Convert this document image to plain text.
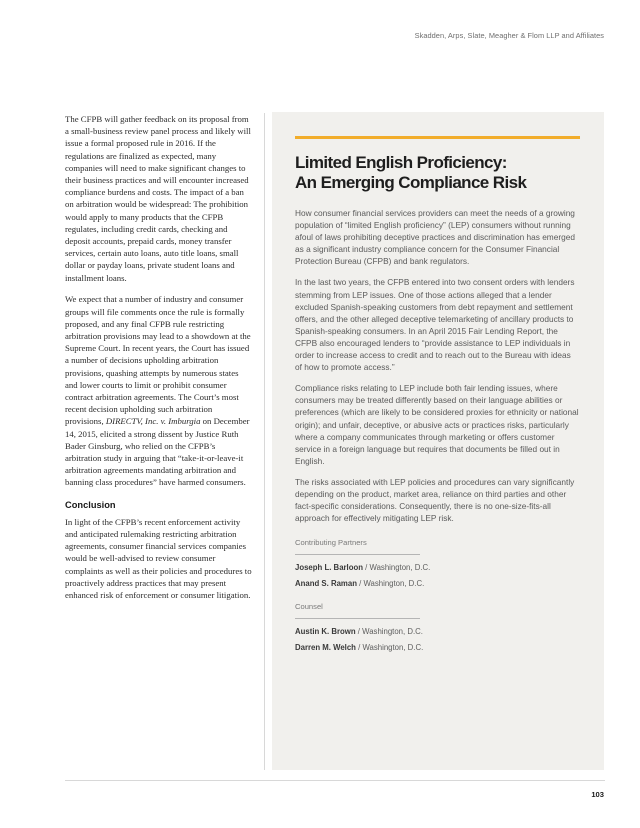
Skadden, Arps, Slate, Meagher & Flom LLP and Affiliates

The CFPB will gather feedback on its proposal from a small-business review panel process and likely will issue a formal proposed rule in 2016. If the regulations are finalized as expected, many companies will need to make significant changes to their business practices and will encounter increased compliance burdens and costs. The impact of a ban on arbitration would be widespread: The prohibition would apply to many products that the CFPB regulates, including credit cards, checking and deposit accounts, prepaid cards, money transfer services, certain auto loans, auto title loans, small dollar or payday loans, private student loans and installment loans.

We expect that a number of industry and consumer groups will file comments once the rule is formally proposed, and any final CFPB rule restricting arbitration provisions may lead to a showdown at the Supreme Court. In recent years, the Court has issued a number of decisions upholding arbitration provisions, quashing attempts by numerous states and lower courts to limit or prohibit consumer contract arbitration agreements. The Court’s most recent decision upholding such arbitration provisions, DIRECTV, Inc. v. Imburgia on December 14, 2015, elicited a strong dissent by Justice Ruth Bader Ginsburg, who relied on the CFPB’s arbitration study in arguing that “take-it-or-leave-it arbitration agreements mandating arbitration and banning class procedures” have harmed consumers.

Conclusion

In light of the CFPB’s recent enforcement activity and anticipated rulemaking restricting arbitration agreements, consumer financial services companies would be well-advised to review consumer complaints as well as their policies and procedures to proactively address practices that may present enhanced risk of enforcement or consumer litigation.

Limited English Proficiency:
An Emerging Compliance Risk

How consumer financial services providers can meet the needs of a growing population of “limited English proficiency” (LEP) consumers without running afoul of laws prohibiting deceptive practices and discrimination has emerged as a significant industry compliance concern for the Consumer Financial Protection Bureau (CFPB) and bank regulators.

In the last two years, the CFPB entered into two consent orders with lenders stemming from LEP issues. One of those actions alleged that a lender excluded Spanish-speaking customers from debt repayment and settlement offers, and the other alleged deceptive telemarketing of ancillary products to Spanish-speaking consumers. In an April 2015 Fair Lending Report, the CFPB also encouraged lenders to “provide assistance to LEP individuals in order to increase access to credit and to reach out to the Bureau with ideas of how to promote access.”

Compliance risks relating to LEP include both fair lending issues, where consumers may be treated differently based on their language abilities or preferences (which are likely to be considered proxies for ethnicity or national origin); and unfair, deceptive, or abusive acts or practices risks, particularly where a company communicates through marketing or offers customer service in a foreign language but requires that documents be filled out in English.

The risks associated with LEP policies and procedures can vary significantly depending on the product, market area, reliance on third parties and other fact-specific considerations. Consequently, there is no one-size-fits-all approach for effectively mitigating LEP risk.

Contributing Partners
Joseph L. Barloon / Washington, D.C.
Anand S. Raman / Washington, D.C.
Counsel
Austin K. Brown / Washington, D.C.
Darren M. Welch / Washington, D.C.
103
